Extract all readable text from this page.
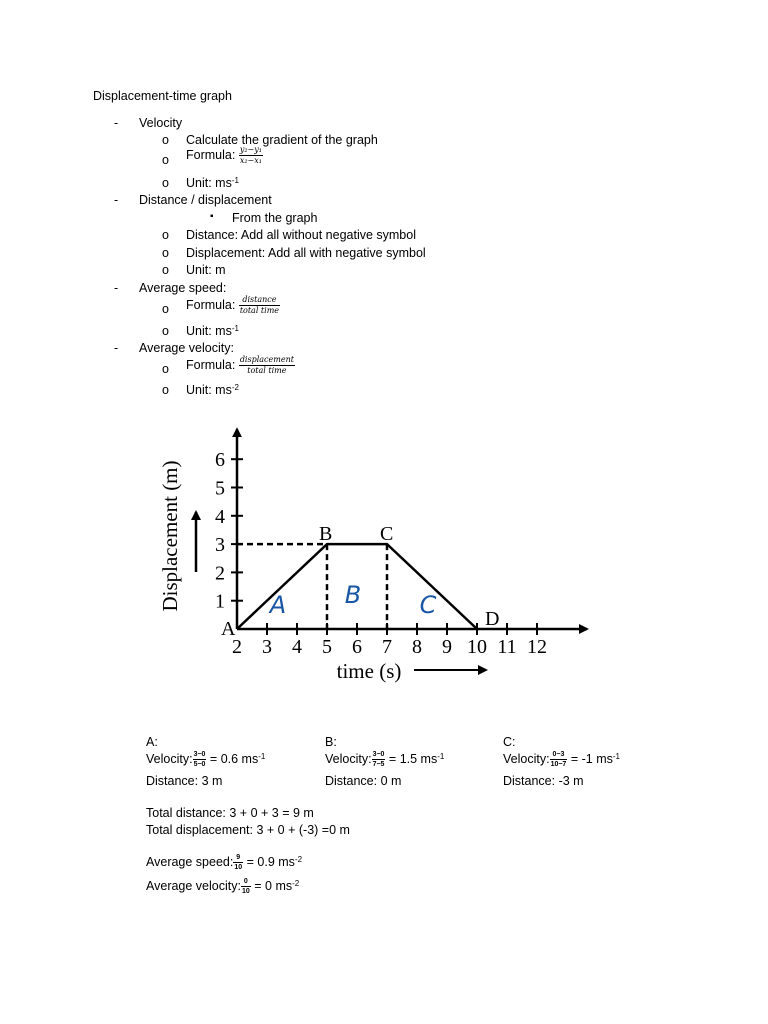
Displacement-time graph
- Velocity
o Calculate the gradient of the graph
o Formula: $\frac{\text{y₂−y₁}}{\text{x₂−x₁}}$
o Unit: $ms^{-1}$
- Distance / displacement
▪ From the graph
o Distance: Add all without negative symbol
o Displacement: Add all with negative symbol
o Unit: m
- Average speed:
o Formula: $\frac{\text{distance}}{\text{total time}}$
o Unit: $ms^{-1}$
- Average velocity:
o Formula: $\frac{\text{displacement}}{\text{total time}}$
o Unit: $ms^{-2}$
2 3 4 5 6 7 8 9 10 11 12
1
2
3
4
5
6
A
B C
D
A B C
Displacement (m)
time (s)
A:
Velocity: $\frac{3-0}{5-0} = 0.6$ $ms^{-1}$
Distance: 3 m
B:
Velocity: $\frac{3-0}{7-5} = 1.5$ $ms^{-1}$
Distance: 0 m
C:
Velocity: $\frac{0-3}{10-7} = -1$ $ms^{-1}$
Distance: -3 m
Total distance: 3 + 0 + 3 = 9 m
Total displacement: 3 + 0 + (-3) =0 m
Average speed: $\frac{9}{10} = 0.9$ $ms^{-2}$
Average velocity: $\frac{0}{10} = 0$ $ms^{-2}$
